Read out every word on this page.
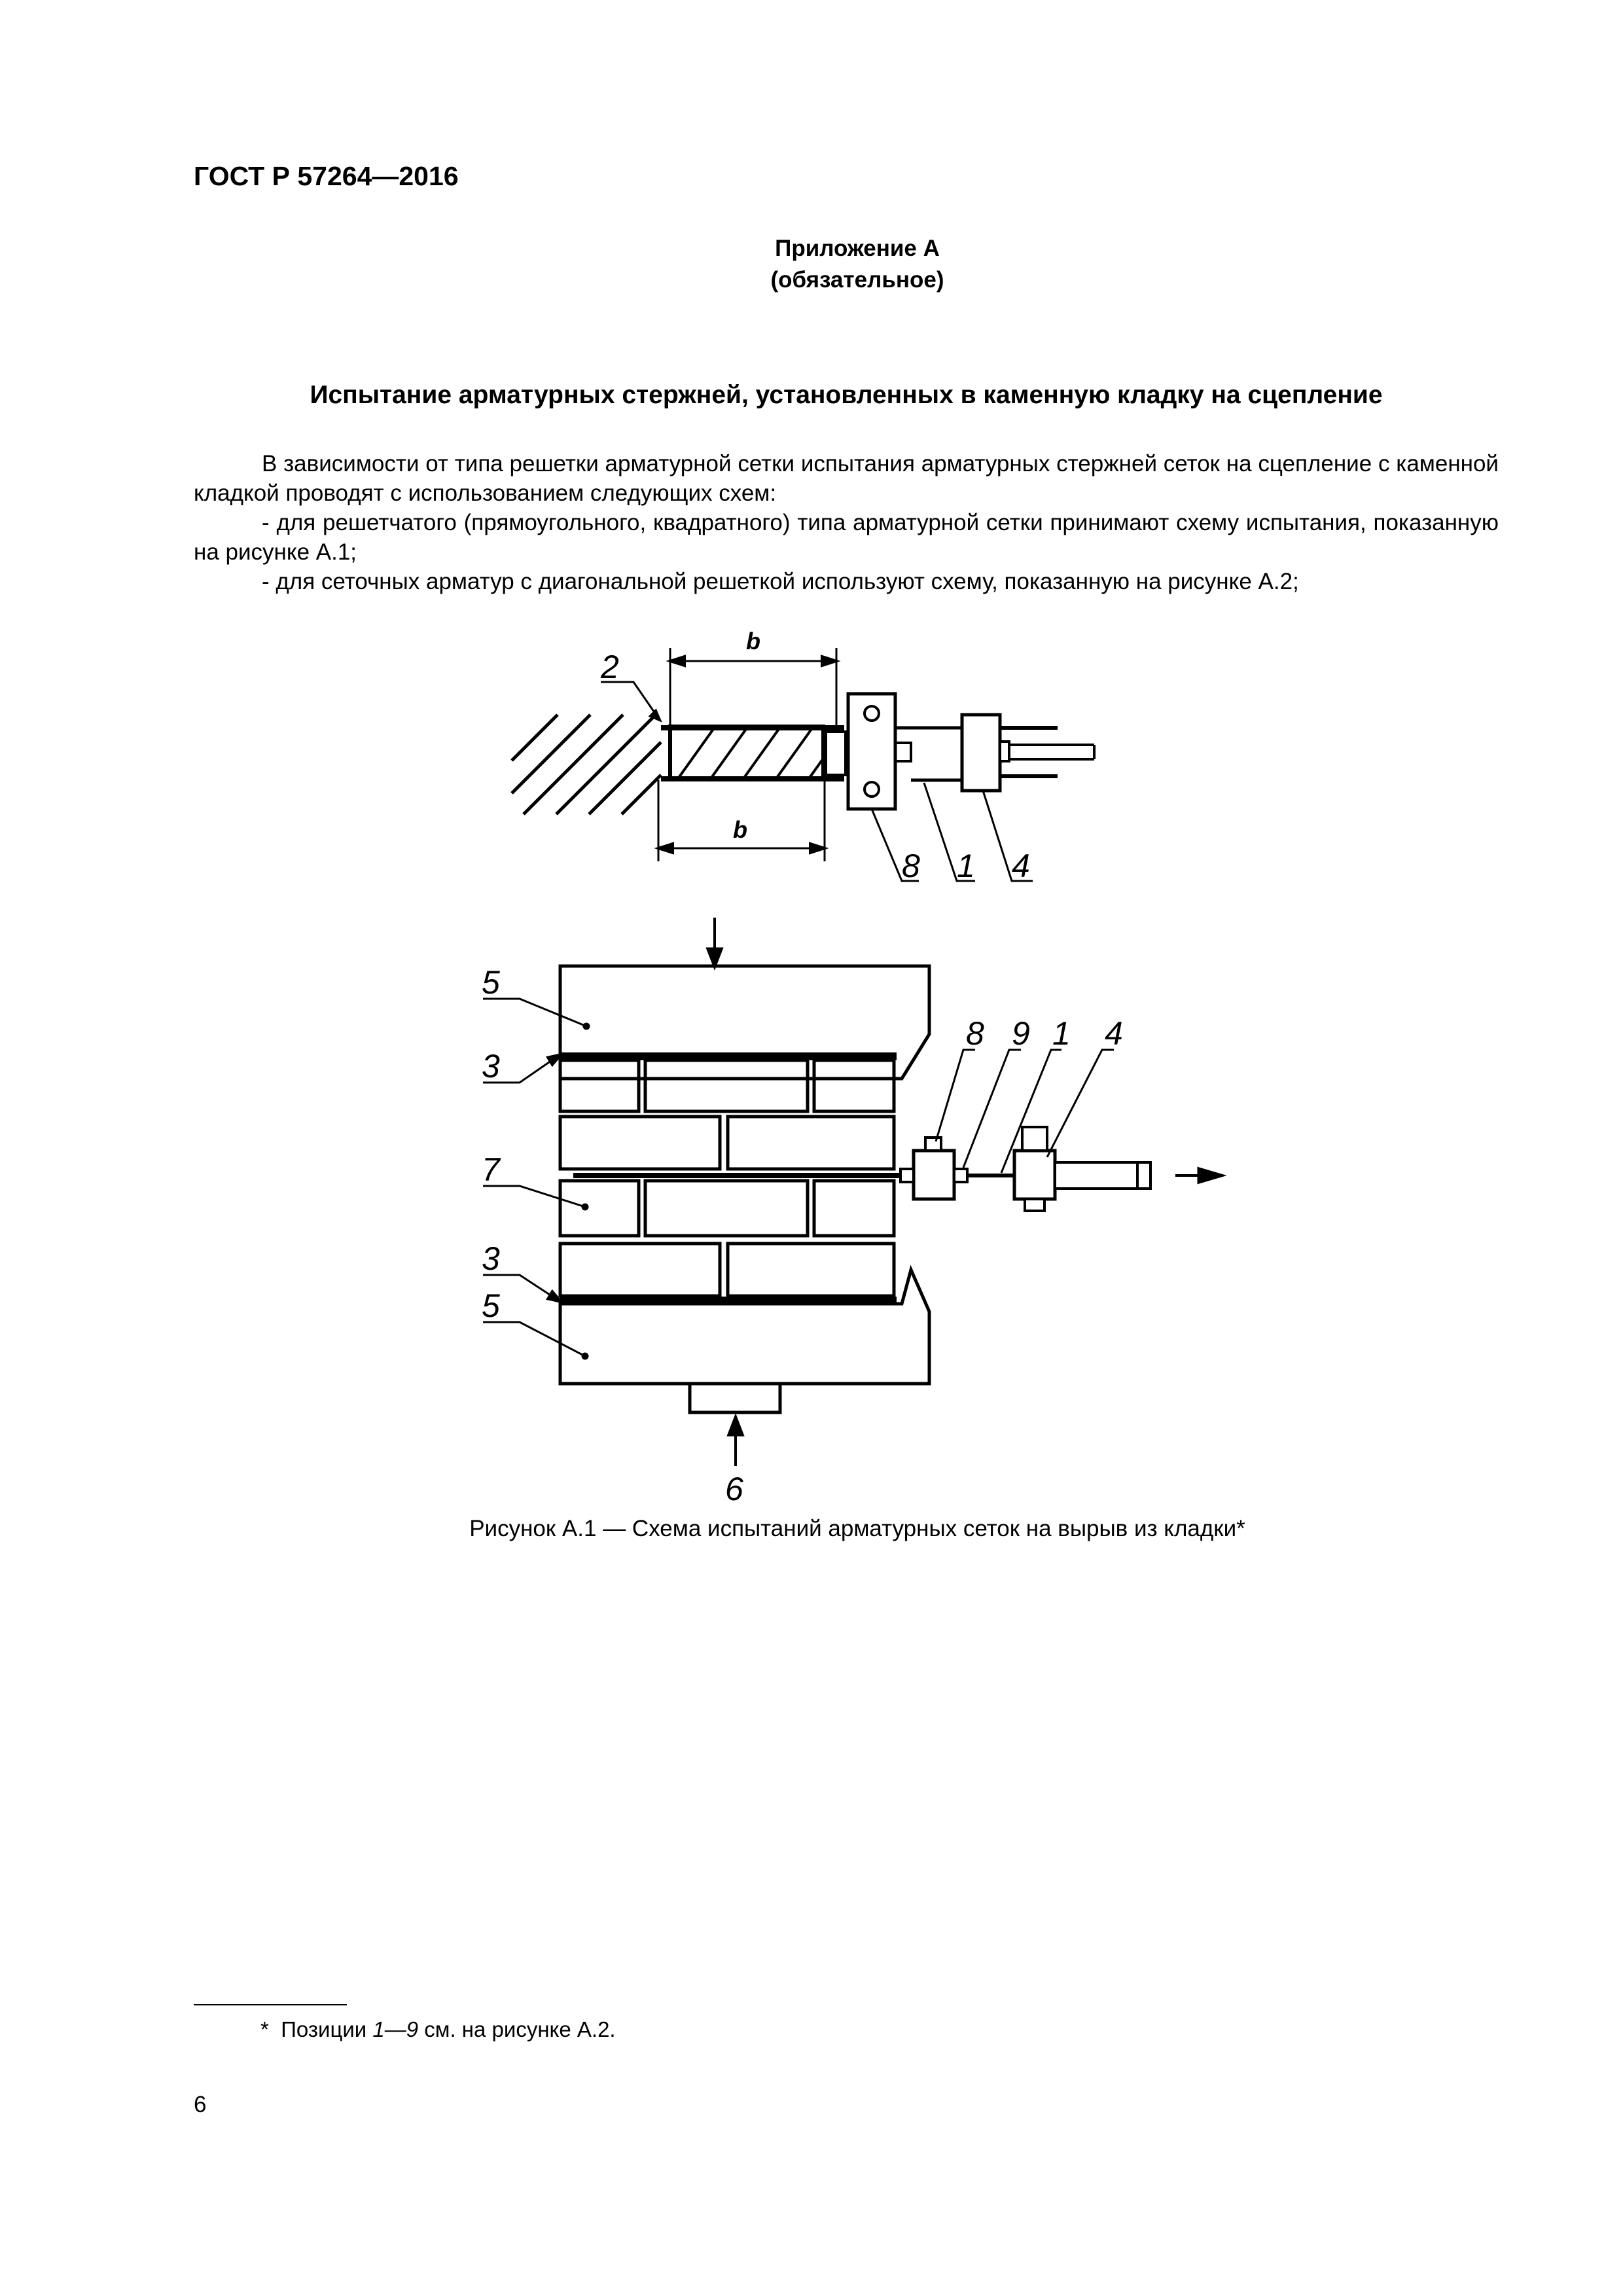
ГОСТ Р 57264—2016
Приложение А
(обязательное)
Испытание арматурных стержней, установленных в каменную кладку на сцепление
В зависимости от типа решетки арматурной сетки испытания арматурных стержней сеток на сцепление с каменной кладкой проводят с использованием следующих схем:
- для решетчатого (прямоугольного, квадратного) типа арматурной сетки принимают схему испытания, показанную на рисунке А.1;
- для сеточных арматур с диагональной решеткой используют схему, показанную на рисунке А.2;
b
b
2
8 1 4
5
3
7
3
5
6
8 9 1 4
Рисунок А.1 — Схема испытаний арматурных сеток на вырыв из кладки*
* Позиции 1—9 см. на рисунке А.2.
6
